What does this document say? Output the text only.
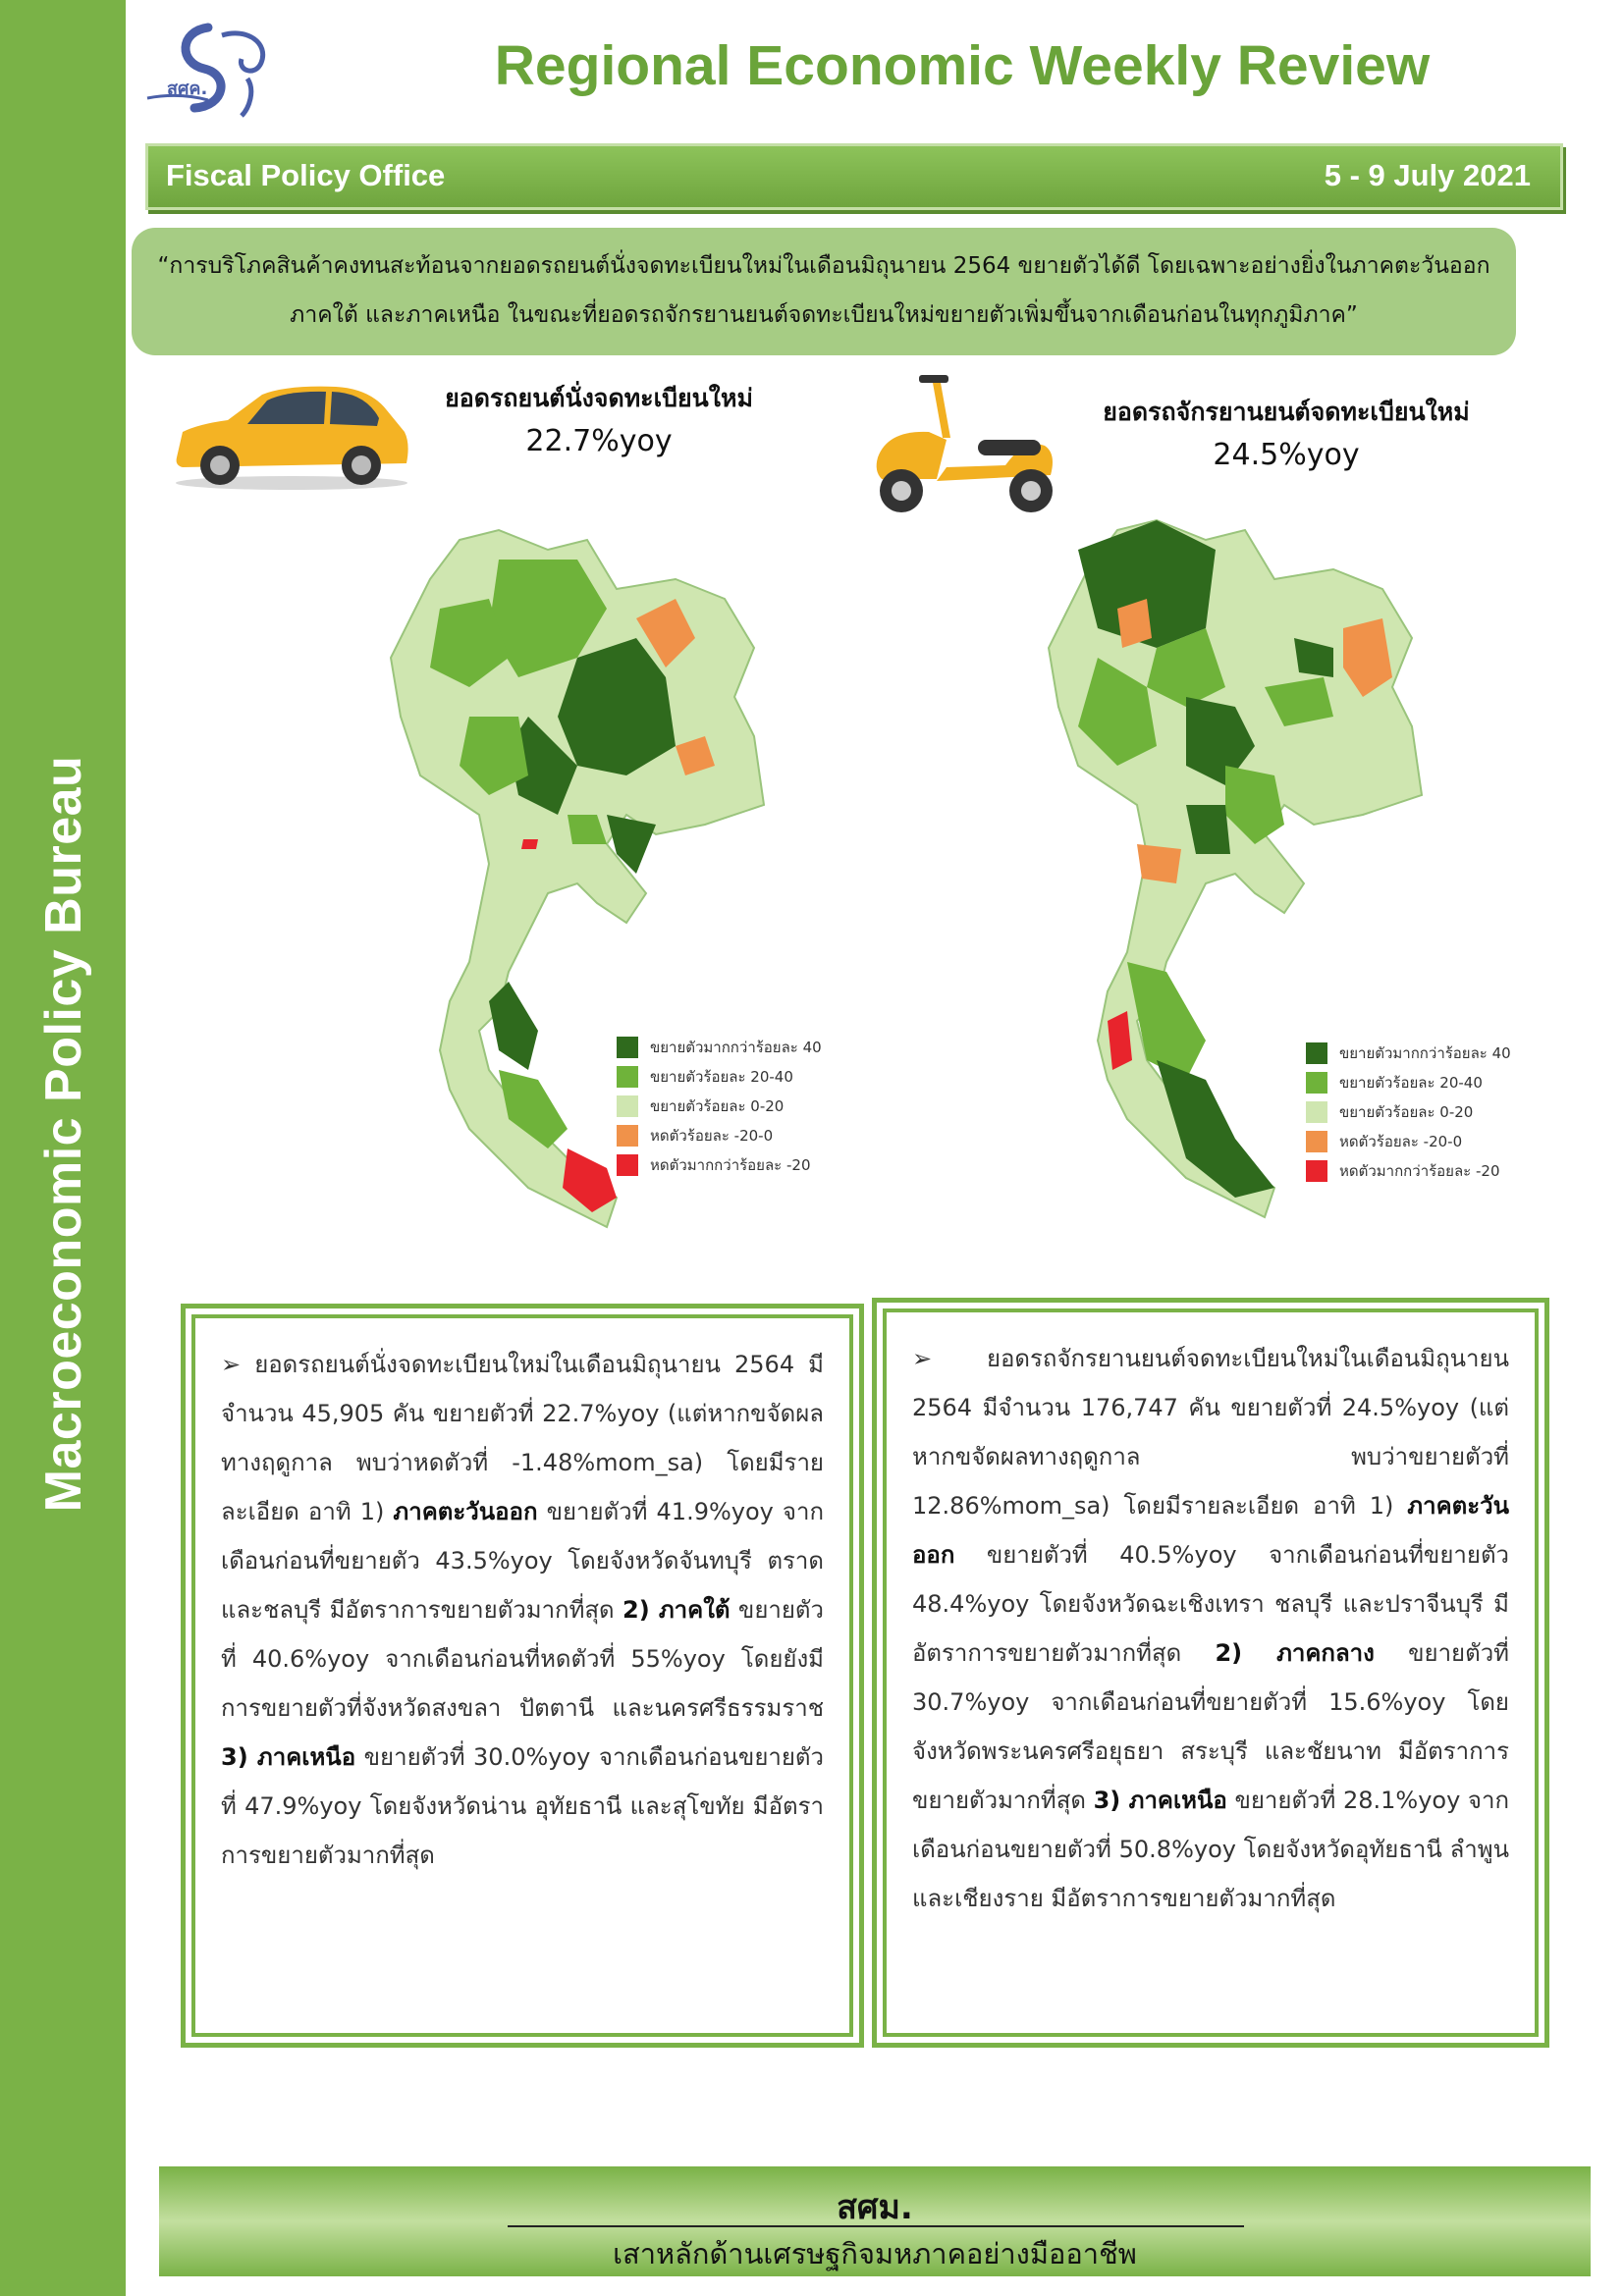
Macroeconomic Policy Bureau
สศค.	Regional Economic Weekly Review
Fiscal Policy Office	5 - 9 July 2021
“การบริโภคสินค้าคงทนสะท้อนจากยอดรถยนต์นั่งจดทะเบียนใหม่ในเดือนมิถุนายน 2564 ขยายตัวได้ดี โดยเฉพาะอย่างยิ่งในภาคตะวันออก
ภาคใต้ และภาคเหนือ ในขณะที่ยอดรถจักรยานยนต์จดทะเบียนใหม่ขยายตัวเพิ่มขึ้นจากเดือนก่อนในทุกภูมิภาค”
ยอดรถยนต์นั่งจดทะเบียนใหม่
22.7%yoy
ยอดรถจักรยานยนต์จดทะเบียนใหม่
24.5%yoy
ขยายตัวมากกว่าร้อยละ 40
ขยายตัวร้อยละ 20-40
ขยายตัวร้อยละ 0-20
หดตัวร้อยละ -20-0
หดตัวมากกว่าร้อยละ -20
ขยายตัวมากกว่าร้อยละ 40
ขยายตัวร้อยละ 20-40
ขยายตัวร้อยละ 0-20
หดตัวร้อยละ -20-0
หดตัวมากกว่าร้อยละ -20
➢ ยอดรถยนต์นั่งจดทะเบียนใหม่ในเดือนมิถุนายน 2564 มีจำนวน 45,905 คัน ขยายตัวที่ 22.7%yoy (แต่หากขจัดผลทางฤดูกาล พบว่าหดตัวที่ -1.48%mom_sa) โดยมีรายละเอียด อาทิ 1) ภาคตะวันออก ขยายตัวที่ 41.9%yoy จากเดือนก่อนที่ขยายตัว 43.5%yoy โดยจังหวัดจันทบุรี ตราด และชลบุรี มีอัตราการขยายตัวมากที่สุด 2) ภาคใต้ ขยายตัวที่ 40.6%yoy จากเดือนก่อนที่หดตัวที่ 55%yoy โดยยังมีการขยายตัวที่จังหวัดสงขลา ปัตตานี และนครศรีธรรมราช 3) ภาคเหนือ ขยายตัวที่ 30.0%yoy จากเดือนก่อนขยายตัวที่ 47.9%yoy โดยจังหวัดน่าน อุทัยธานี และสุโขทัย มีอัตราการขยายตัวมากที่สุด
➢ ยอดรถจักรยานยนต์จดทะเบียนใหม่ในเดือนมิถุนายน 2564 มีจำนวน 176,747 คัน ขยายตัวที่ 24.5%yoy (แต่หากขจัดผลทางฤดูกาล พบว่าขยายตัวที่ 12.86%mom_sa) โดยมีรายละเอียด อาทิ 1) ภาคตะวันออก ขยายตัวที่ 40.5%yoy จากเดือนก่อนที่ขยายตัว 48.4%yoy โดยจังหวัดฉะเชิงเทรา ชลบุรี และปราจีนบุรี มีอัตราการขยายตัวมากที่สุด 2) ภาคกลาง ขยายตัวที่ 30.7%yoy จากเดือนก่อนที่ขยายตัวที่ 15.6%yoy โดยจังหวัดพระนครศรีอยุธยา สระบุรี และชัยนาท มีอัตราการขยายตัวมากที่สุด 3) ภาคเหนือ ขยายตัวที่ 28.1%yoy จากเดือนก่อนขยายตัวที่ 50.8%yoy โดยจังหวัดอุทัยธานี ลำพูน และเชียงราย มีอัตราการขยายตัวมากที่สุด
สศม.
เสาหลักด้านเศรษฐกิจมหภาคอย่างมืออาชีพ
